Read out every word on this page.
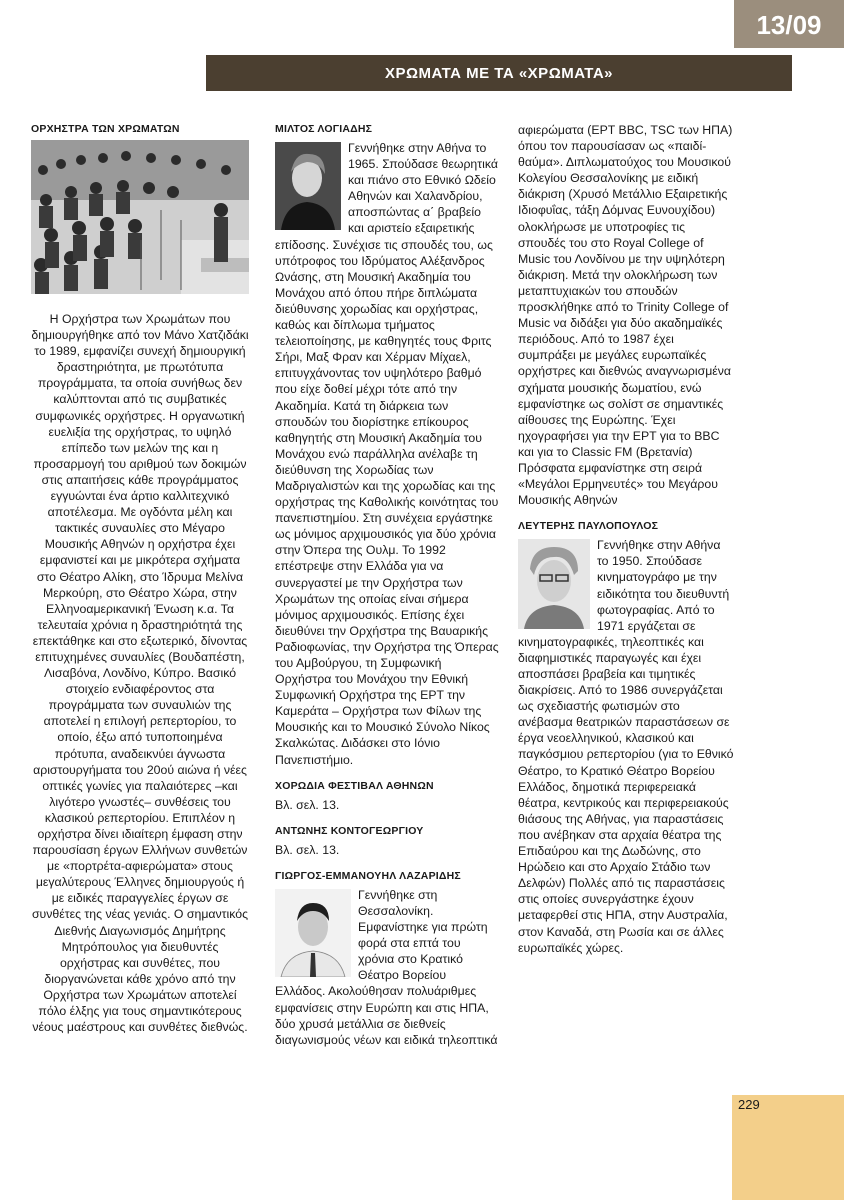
13/09
ΧΡΩΜΑΤΑ ΜΕ ΤΑ «ΧΡΩΜΑΤΑ»
ΟΡΧΗΣΤΡΑ ΤΩΝ ΧΡΩΜΑΤΩΝ

Η Ορχήστρα των Χρωμάτων που δημιουργήθηκε από τον Μάνο Χατζιδάκι το 1989, εμφανίζει συνεχή δημιουργική δραστηριότητα, με πρωτότυπα προγράμματα, τα οποία συνήθως δεν καλύπτονται από τις συμβατικές συμφωνικές ορχήστρες. Η οργανωτική ευελιξία της ορχήστρας, το υψηλό επίπεδο των μελών της και η προσαρμογή του αριθμού των δοκιμών στις απαιτήσεις κάθε προγράμματος εγγυώνται ένα άρτιο καλλιτεχνικό αποτέλεσμα. Με ογδόντα μέλη και τακτικές συναυλίες στο Μέγαρο Μουσικής Αθηνών η ορχήστρα έχει εμφανιστεί και με μικρότερα σχήματα στο Θέατρο Αλίκη, στο Ίδρυμα Μελίνα Μερκούρη, στο Θέατρο Χώρα, στην Ελληνοαμερικανική Ένωση κ.α. Τα τελευταία χρόνια η δραστηριότητά της επεκτάθηκε και στο εξωτερικό, δίνοντας επιτυχημένες συναυλίες (Βουδαπέστη, Λισαβόνα, Λονδίνο, Κύπρο. Βασικό στοιχείο ενδιαφέροντος στα προγράμματα των συναυλιών της αποτελεί η επιλογή ρεπερτορίου, το οποίο, έξω από τυποποιημένα πρότυπα, αναδεικνύει άγνωστα αριστουργήματα του 20ού αιώνα ή νέες οπτικές γωνίες για παλαιότερες –και λιγότερο γνωστές– συνθέσεις του κλασικού ρεπερτορίου. Επιπλέον η ορχήστρα δίνει ιδιαίτερη έμφαση στην παρουσίαση έργων Ελλήνων συνθετών με «πορτρέτα-αφιερώματα» στους μεγαλύτερους Έλληνες δημιουργούς ή με ειδικές παραγγελίες έργων σε συνθέτες της νέας γενιάς. Ο σημαντικός Διεθνής Διαγωνισμός Δημήτρης Μητρόπουλος για διευθυντές ορχήστρας και συνθέτες, που διοργανώνεται κάθε χρόνο από την Ορχήστρα των Χρωμάτων αποτελεί πόλο έλξης για τους σημαντικότερους νέους μαέστρους και συνθέτες διεθνώς.

ΜΙΛΤΟΣ ΛΟΓΙΑΔΗΣ

Γεννήθηκε στην Αθήνα το 1965. Σπούδασε θεωρητικά και πιάνο στο Εθνικό Ωδείο Αθηνών και Χαλανδρίου, αποσπώντας α΄ βραβείο και αριστείο εξαιρετικής επίδοσης. Συνέχισε τις σπουδές του, ως υπότροφος του Ιδρύματος Αλέξανδρος Ωνάσης, στη Μουσική Ακαδημία του Μονάχου από όπου πήρε διπλώματα διεύθυνσης χορωδίας και ορχήστρας, καθώς και δίπλωμα τμήματος τελειοποίησης, με καθηγητές τους Φριτς Σήρι, Μαξ Φραν και Χέρμαν Μίχαελ, επιτυγχάνοντας τον υψηλότερο βαθμό που είχε δοθεί μέχρι τότε από την Ακαδημία. Κατά τη διάρκεια των σπουδών του διορίστηκε επίκουρος καθηγητής στη Μουσική Ακαδημία του Μονάχου ενώ παράλληλα ανέλαβε τη διεύθυνση της Χορωδίας των Μαδριγαλιστών και της χορωδίας και της ορχήστρας της Καθολικής κοινότητας του πανεπιστημίου. Στη συνέχεια εργάστηκε ως μόνιμος αρχιμουσικός για δύο χρόνια στην Όπερα της Ουλμ. Το 1992 επέστρεψε στην Ελλάδα για να συνεργαστεί με την Ορχήστρα των Χρωμάτων της οποίας είναι σήμερα μόνιμος αρχιμουσικός. Επίσης έχει διευθύνει την Ορχήστρα της Βαυαρικής Ραδιοφωνίας, την Ορχήστρα της Όπερας του Αμβούργου, τη Συμφωνική Ορχήστρα του Μονάχου την Εθνική Συμφωνική Ορχήστρα της ΕΡΤ την Καμεράτα – Ορχήστρα των Φίλων της Μουσικής και το Μουσικό Σύνολο Νίκος Σκαλκώτας. Διδάσκει στο Ιόνιο Πανεπιστήμιο.

ΧΟΡΩΔΙΑ ΦΕΣΤΙΒΑΛ ΑΘΗΝΩΝ

Βλ. σελ. 13.

ΑΝΤΩΝΗΣ ΚΟΝΤΟΓΕΩΡΓΙΟΥ

Βλ. σελ. 13.

ΓΙΩΡΓΟΣ-ΕΜΜΑΝΟΥΗΛ ΛΑΖΑΡΙΔΗΣ

Γεννήθηκε στη Θεσσαλονίκη. Εμφανίστηκε για πρώτη φορά στα επτά του χρόνια στο Κρατικό Θέατρο Βορείου Ελλάδος. Ακολούθησαν πολυάριθμες εμφανίσεις στην Ευρώπη και στις ΗΠΑ, δύο χρυσά μετάλλια σε διεθνείς διαγωνισμούς νέων και ειδικά τηλεοπτικά

αφιερώματα (ΕΡΤ BBC, TSC των ΗΠΑ) όπου τον παρουσίασαν ως «παιδί-θαύμα». Διπλωματούχος του Μουσικού Κολεγίου Θεσσαλονίκης με ειδική διάκριση (Χρυσό Μετάλλιο Εξαιρετικής Ιδιοφυΐας, τάξη Δόμνας Ευνουχίδου) ολοκλήρωσε με υποτροφίες τις σπουδές του στο Royal College of Music του Λονδίνου με την υψηλότερη διάκριση. Μετά την ολοκλήρωση των μεταπτυχιακών του σπουδών προσκλήθηκε από το Trinity College of Music να διδάξει για δύο ακαδημαϊκές περιόδους. Από το 1987 έχει συμπράξει με μεγάλες ευρωπαϊκές ορχήστρες και διεθνώς αναγνωρισμένα σχήματα μουσικής δωματίου, ενώ εμφανίστηκε ως σολίστ σε σημαντικές αίθουσες της Ευρώπης. Έχει ηχογραφήσει για την ΕΡΤ για το BBC και για το Classic FM (Βρετανία) Πρόσφατα εμφανίστηκε στη σειρά «Μεγάλοι Ερμηνευτές» του Μεγάρου Μουσικής Αθηνών

ΛΕΥΤΕΡΗΣ ΠΑΥΛΟΠΟΥΛΟΣ

Γεννήθηκε στην Αθήνα το 1950. Σπούδασε κινηματογράφο με την ειδικότητα του διευθυντή φωτογραφίας. Από το 1971 εργάζεται σε κινηματογραφικές, τηλεοπτικές και διαφημιστικές παραγωγές και έχει αποσπάσει βραβεία και τιμητικές διακρίσεις. Από το 1986 συνεργάζεται ως σχεδιαστής φωτισμών στο ανέβασμα θεατρικών παραστάσεων σε έργα νεοελληνικού, κλασικού και παγκόσμιου ρεπερτορίου (για το Εθνικό Θέατρο, το Κρατικό Θέατρο Βορείου Ελλάδος, δημοτικά περιφερειακά θέατρα, κεντρικούς και περιφερειακούς θιάσους της Αθήνας, για παραστάσεις που ανέβηκαν στα αρχαία θέατρα της Επιδαύρου και της Δωδώνης, στο Ηρώδειο και στο Αρχαίο Στάδιο των Δελφών) Πολλές από τις παραστάσεις στις οποίες συνεργάστηκε έχουν μεταφερθεί στις ΗΠΑ, στην Αυστραλία, στον Καναδά, στη Ρωσία και σε άλλες ευρωπαϊκές χώρες.

229
